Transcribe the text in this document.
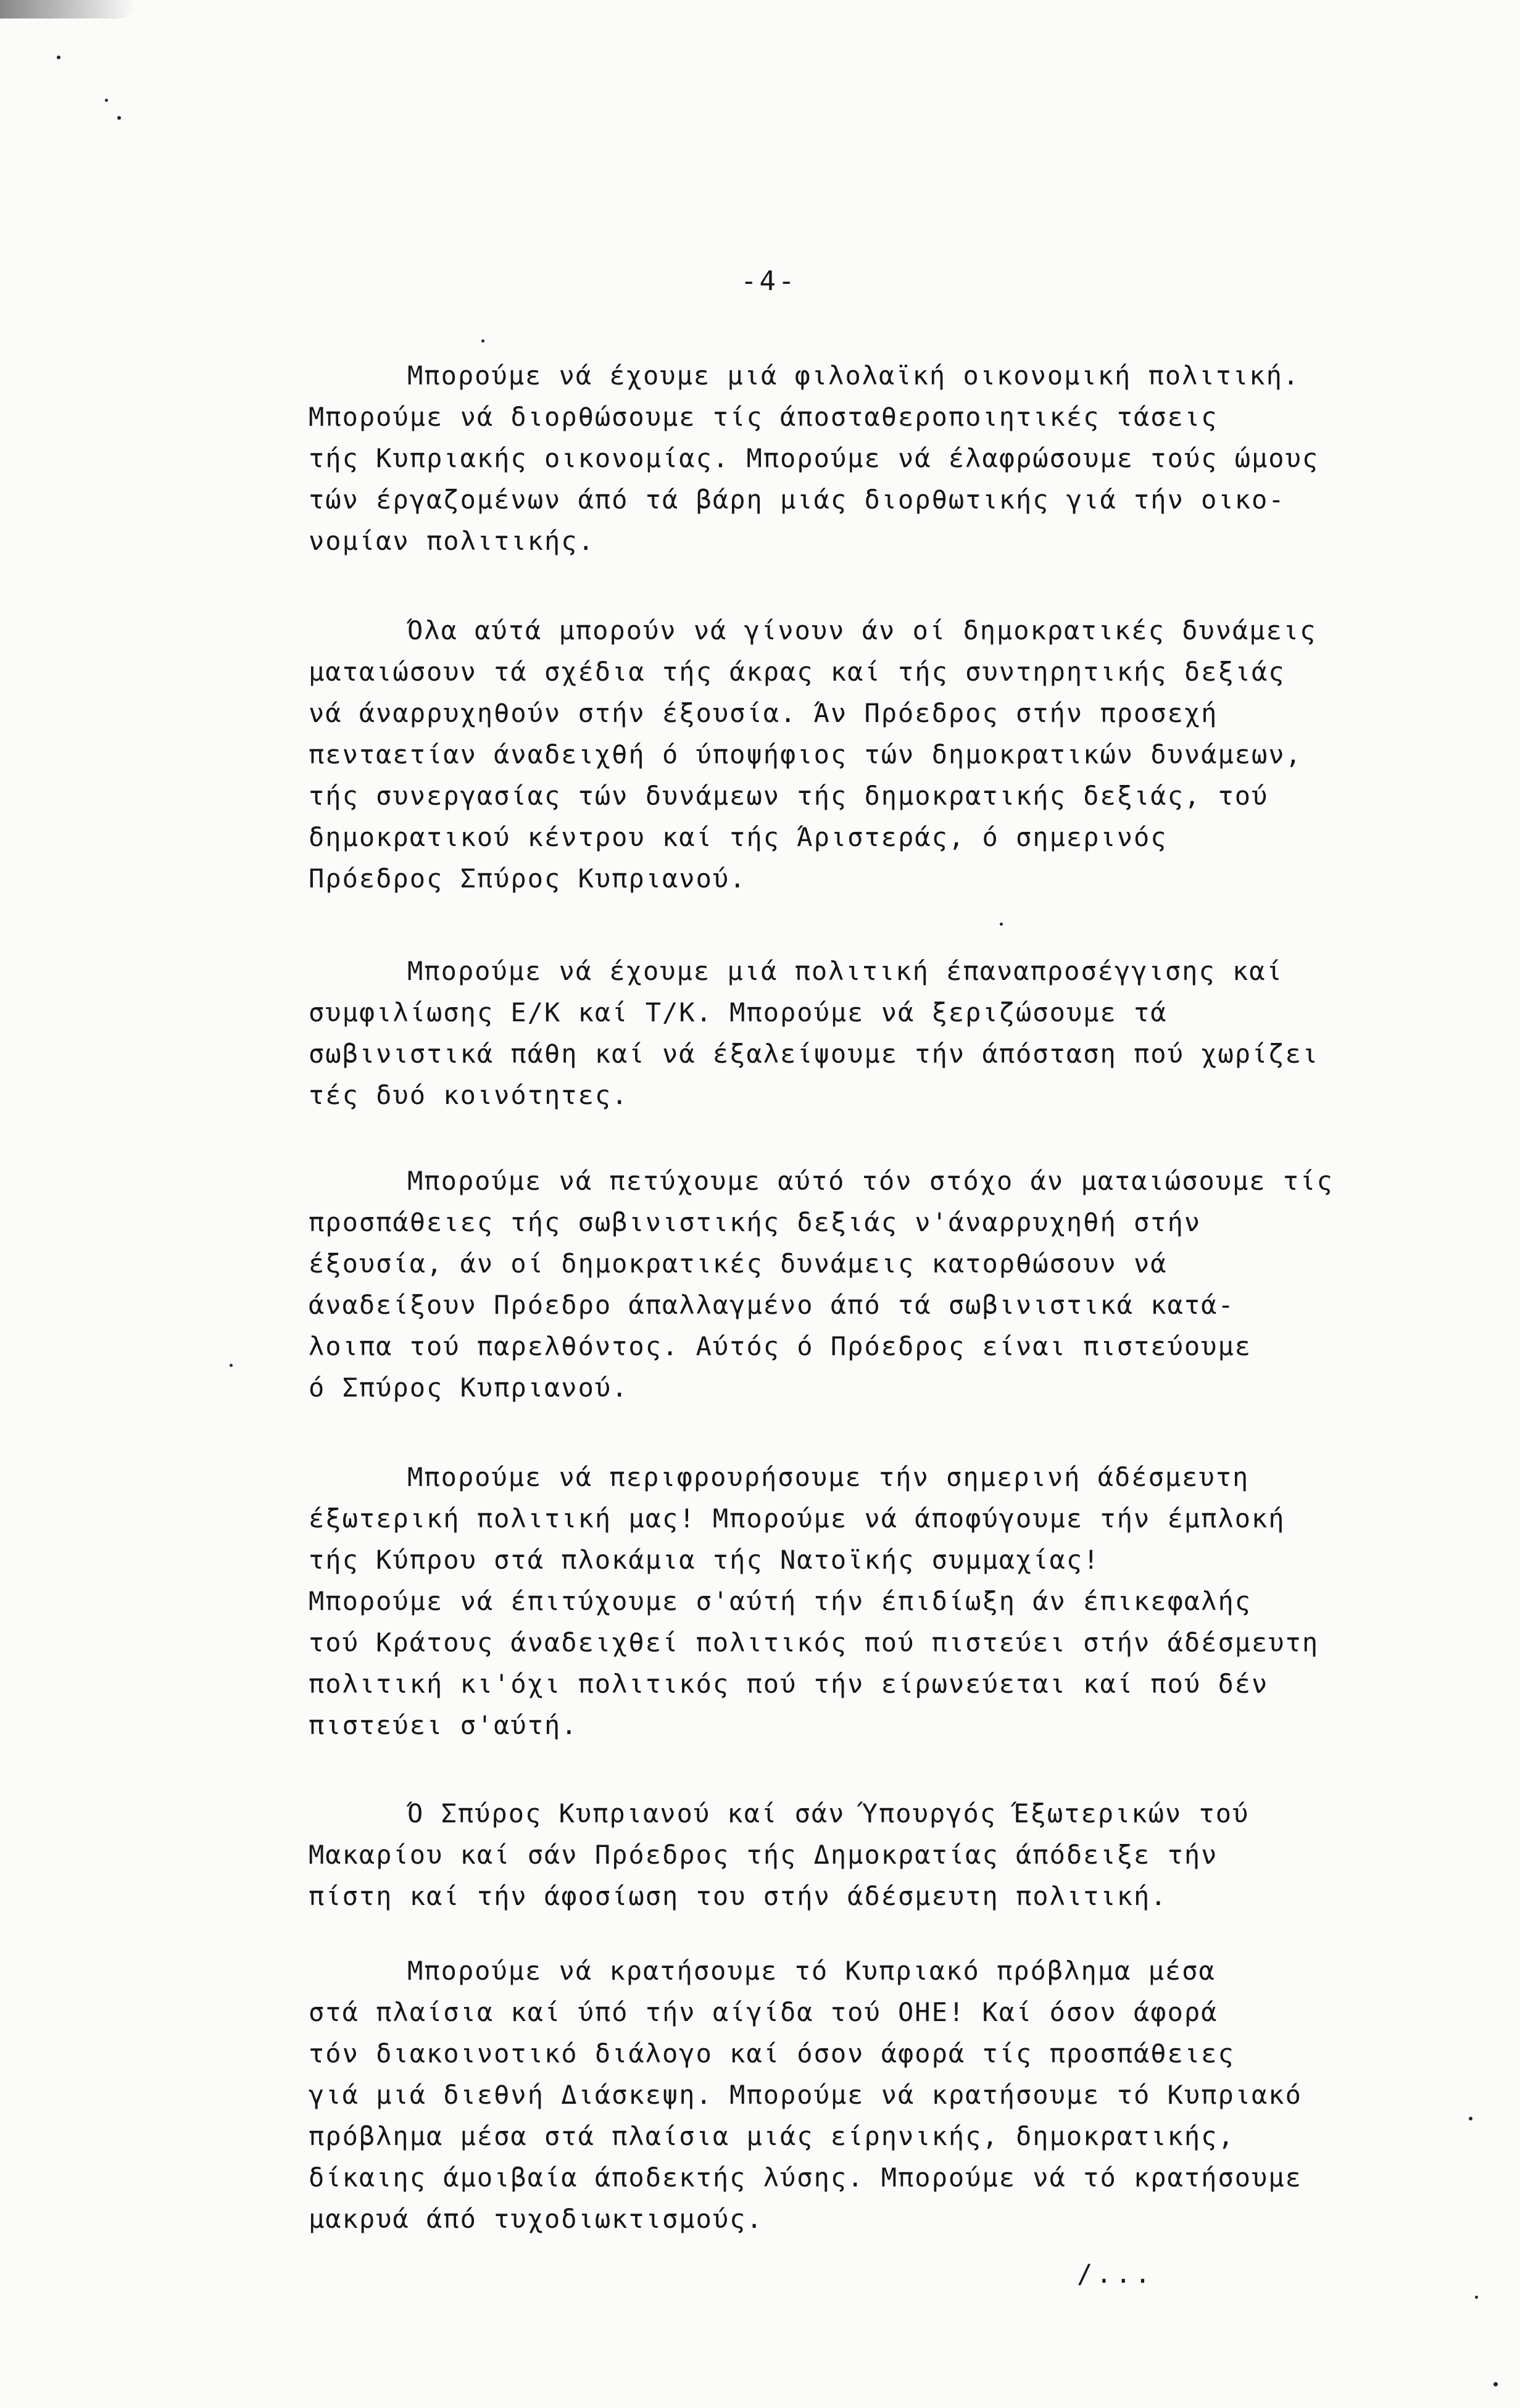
-4-
Μπορούμε νά έχουμε μιά φιλολαϊκή οικονομική πολιτική.
Μπορούμε νά διορθώσουμε τίς άποσταθεροποιητικές τάσεις
τής Κυπριακής οικονομίας. Μπορούμε νά έλαφρώσουμε τούς ώμους
τών έργαζομένων άπό τά βάρη μιάς διορθωτικής γιά τήν οικο-
νομίαν πολιτικής.
Όλα αύτά μπορούν νά γίνουν άν οί δημοκρατικές δυνάμεις
ματαιώσουν τά σχέδια τής άκρας καί τής συντηρητικής δεξιάς
νά άναρρυχηθούν στήν έξουσία. Άν Πρόεδρος στήν προσεχή
πενταετίαν άναδειχθή ό ύποψήφιος τών δημοκρατικών δυνάμεων,
τής συνεργασίας τών δυνάμεων τής δημοκρατικής δεξιάς, τού
δημοκρατικού κέντρου καί τής Άριστεράς, ό σημερινός
Πρόεδρος Σπύρος Κυπριανού.
Μπορούμε νά έχουμε μιά πολιτική έπαναπροσέγγισης καί
συμφιλίωσης Ε/Κ καί Τ/Κ. Μπορούμε νά ξεριζώσουμε τά
σωβινιστικά πάθη καί νά έξαλείψουμε τήν άπόσταση πού χωρίζει
τές δυό κοινότητες.
Μπορούμε νά πετύχουμε αύτό τόν στόχο άν ματαιώσουμε τίς
προσπάθειες τής σωβινιστικής δεξιάς ν'άναρρυχηθή στήν
έξουσία, άν οί δημοκρατικές δυνάμεις κατορθώσουν νά
άναδείξουν Πρόεδρο άπαλλαγμένο άπό τά σωβινιστικά κατά-
λοιπα τού παρελθόντος. Αύτός ό Πρόεδρος είναι πιστεύουμε
ό Σπύρος Κυπριανού.
Μπορούμε νά περιφρουρήσουμε τήν σημερινή άδέσμευτη
έξωτερική πολιτική μας! Μπορούμε νά άποφύγουμε τήν έμπλοκή
τής Κύπρου στά πλοκάμια τής Νατοϊκής συμμαχίας!
Μπορούμε νά έπιτύχουμε σ'αύτή τήν έπιδίωξη άν έπικεφαλής
τού Κράτους άναδειχθεί πολιτικός πού πιστεύει στήν άδέσμευτη
πολιτική κι'όχι πολιτικός πού τήν είρωνεύεται καί πού δέν
πιστεύει σ'αύτή.
Ό Σπύρος Κυπριανού καί σάν Ύπουργός Έξωτερικών τού
Μακαρίου καί σάν Πρόεδρος τής Δημοκρατίας άπόδειξε τήν
πίστη καί τήν άφοσίωση του στήν άδέσμευτη πολιτική.
Μπορούμε νά κρατήσουμε τό Κυπριακό πρόβλημα μέσα
στά πλαίσια καί ύπό τήν αίγίδα τού ΟΗΕ! Καί όσον άφορά
τόν διακοινοτικό διάλογο καί όσον άφορά τίς προσπάθειες
γιά μιά διεθνή Διάσκεψη. Μπορούμε νά κρατήσουμε τό Κυπριακό
πρόβλημα μέσα στά πλαίσια μιάς είρηνικής, δημοκρατικής,
δίκαιης άμοιβαία άποδεκτής λύσης. Μπορούμε νά τό κρατήσουμε
μακρυά άπό τυχοδιωκτισμούς.
/...
